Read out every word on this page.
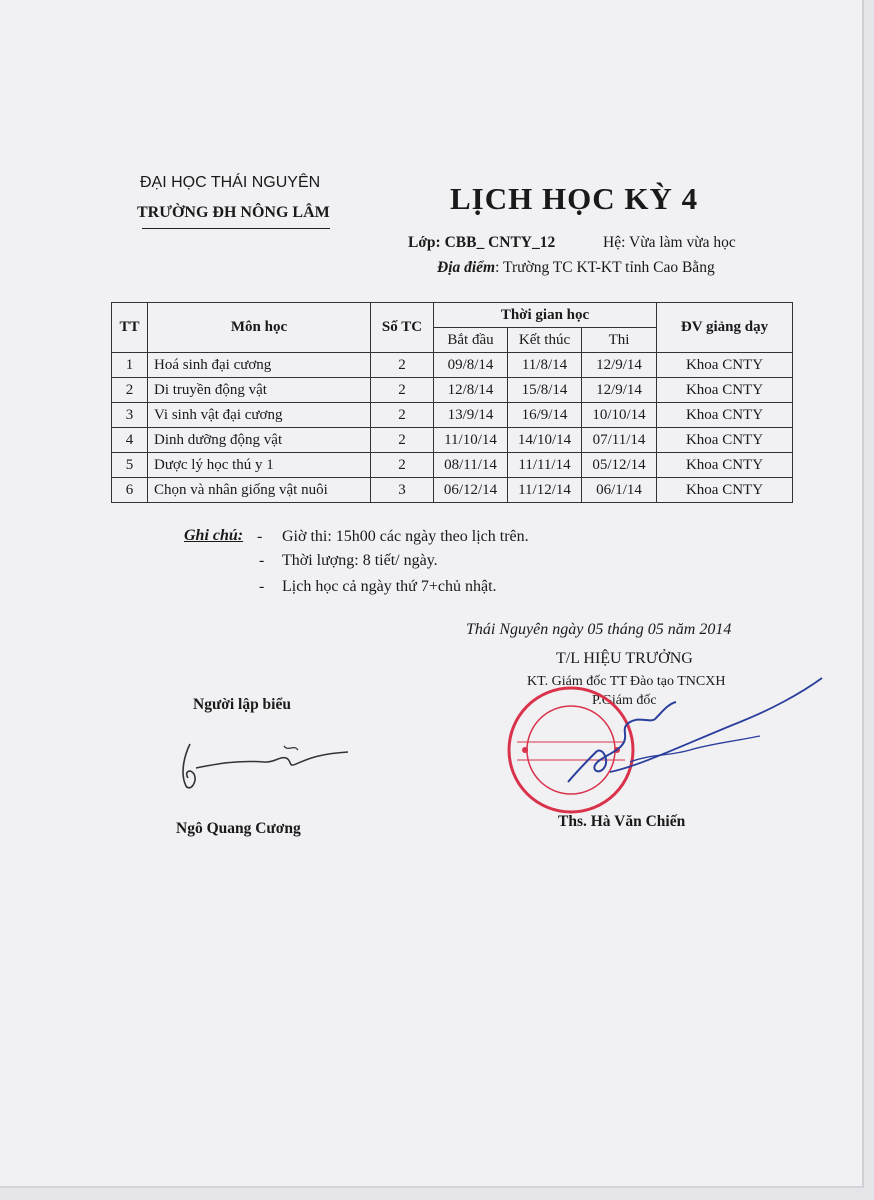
ĐẠI HỌC THÁI NGUYÊN
TRƯỜNG ĐH NÔNG LÂM	LỊCH HỌC KỲ 4
Lớp: CBB_ CNTY_12	Hệ: Vừa làm vừa học
Địa điểm: Trường TC KT-KT tỉnh Cao Bằng
TT	Môn học	Số TC	Thời gian học			ĐV giảng dạy
			Bắt đầu	Kết thúc	Thi	
1	Hoá sinh đại cương	2	09/8/14	11/8/14	12/9/14	Khoa CNTY
2	Di truyền động vật	2	12/8/14	15/8/14	12/9/14	Khoa CNTY
3	Vi sinh vật đại cương	2	13/9/14	16/9/14	10/10/14	Khoa CNTY
4	Dinh dưỡng động vật	2	11/10/14	14/10/14	07/11/14	Khoa CNTY
5	Dược lý học thú y 1	2	08/11/14	11/11/14	05/12/14	Khoa CNTY
6	Chọn và nhân giống vật nuôi	3	06/12/14	11/12/14	06/1/14	Khoa CNTY
Ghi chú: -
-
-
Giờ thi: 15h00 các ngày theo lịch trên.
Thời lượng: 8 tiết/ ngày.
Lịch học cả ngày thứ 7+chủ nhật.
Thái Nguyên ngày 05 tháng 05 năm 2014
T/L HIỆU TRƯỞNG
KT. Giám đốc TT Đào tạo TNCXH
P.Giám đốc
Người lập biểu
Ngô Quang Cương	Ths. Hà Văn Chiến
